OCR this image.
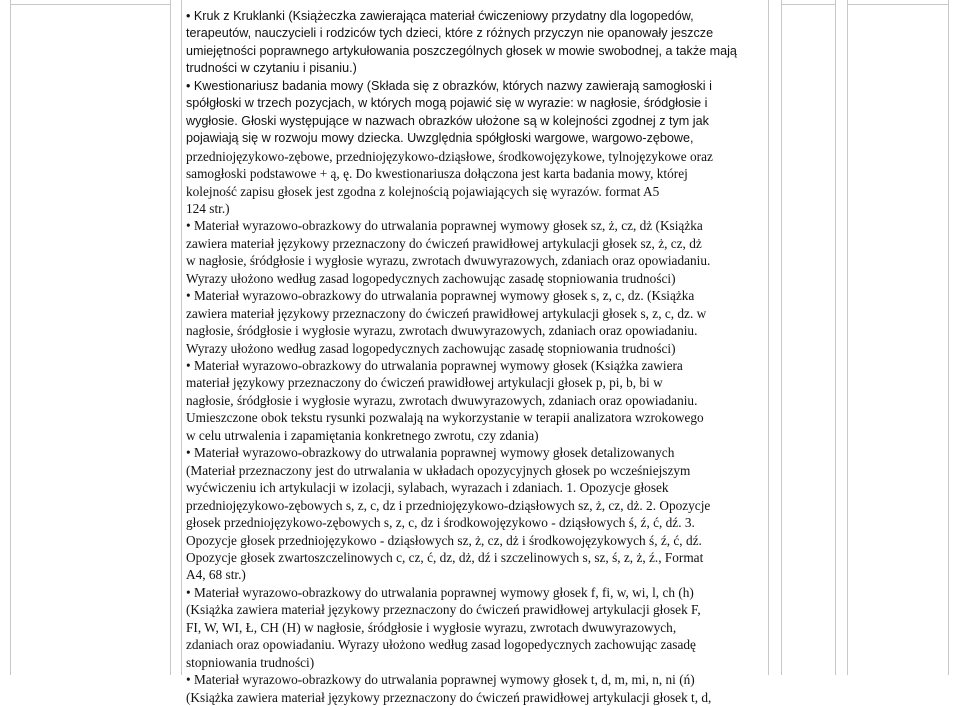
• Kruk z Kruklanki (Książeczka zawierająca materiał ćwiczeniowy przydatny dla logopedów,
terapeutów, nauczycieli i rodziców tych dzieci, które z różnych przyczyn nie opanowały jeszcze
umiejętności poprawnego artykułowania poszczególnych głosek w mowie swobodnej, a także mają
trudności w czytaniu i pisaniu.)
• Kwestionariusz badania mowy (Składa się z obrazków, których nazwy zawierają samogłoski i
spółgłoski w trzech pozycjach, w których mogą pojawić się w wyrazie: w nagłosie, śródgłosie i
wygłosie. Głoski występujące w nazwach obrazków ułożone są w kolejności zgodnej z tym jak
pojawiają się w rozwoju mowy dziecka. Uwzględnia spółgłoski wargowe, wargowo-zębowe,
przedniojęzykowo-zębowe, przedniojęzykowo-dziąsłowe, środkowojęzykowe, tylnojęzykowe oraz
samogłoski podstawowe + ą, ę. Do kwestionariusza dołączona jest karta badania mowy, której
kolejność zapisu głosek jest zgodna z kolejnością pojawiających się wyrazów. format A5
124 str.)
• Materiał wyrazowo-obrazkowy do utrwalania poprawnej wymowy głosek sz, ż, cz, dż (Książka
zawiera materiał językowy przeznaczony do ćwiczeń prawidłowej artykulacji głosek sz, ż, cz, dż
w nagłosie, śródgłosie i wygłosie wyrazu, zwrotach dwuwyrazowych, zdaniach oraz opowiadaniu.
Wyrazy ułożono według zasad logopedycznych zachowując zasadę stopniowania trudności)
• Materiał wyrazowo-obrazkowy do utrwalania poprawnej wymowy głosek s, z, c, dz. (Książka
zawiera materiał językowy przeznaczony do ćwiczeń prawidłowej artykulacji głosek s, z, c, dz. w
nagłosie, śródgłosie i wygłosie wyrazu, zwrotach dwuwyrazowych, zdaniach oraz opowiadaniu.
Wyrazy ułożono według zasad logopedycznych zachowując zasadę stopniowania trudności)
• Materiał wyrazowo-obrazkowy do utrwalania poprawnej wymowy głosek (Książka zawiera
materiał językowy przeznaczony do ćwiczeń prawidłowej artykulacji głosek p, pi, b, bi w
nagłosie, śródgłosie i wygłosie wyrazu, zwrotach dwuwyrazowych, zdaniach oraz opowiadaniu.
Umieszczone obok tekstu rysunki pozwalają na wykorzystanie w terapii analizatora wzrokowego
w celu utrwalenia i zapamiętania konkretnego zwrotu, czy zdania)
• Materiał wyrazowo-obrazkowy do utrwalania poprawnej wymowy głosek detalizowanych
(Materiał przeznaczony jest do utrwalania w układach opozycyjnych głosek po wcześniejszym
wyćwiczeniu ich artykulacji w izolacji, sylabach, wyrazach i zdaniach. 1. Opozycje głosek
przedniojęzykowo-zębowych s, z, c, dz i przedniojęzykowo-dziąsłowych sz, ż, cz, dż. 2. Opozycje
głosek przedniojęzykowo-zębowych s, z, c, dz i środkowojęzykowo - dziąsłowych ś, ź, ć, dź. 3.
Opozycje głosek przedniojęzykowo - dziąsłowych sz, ż, cz, dż i środkowojęzykowych ś, ź, ć, dź.
Opozycje głosek zwartoszczelinowych c, cz, ć, dz, dż, dź i szczelinowych s, sz, ś, z, ż, ź., Format
A4, 68 str.)
• Materiał wyrazowo-obrazkowy do utrwalania poprawnej wymowy głosek f, fi, w, wi, l, ch (h)
(Książka zawiera materiał językowy przeznaczony do ćwiczeń prawidłowej artykulacji głosek F,
FI, W, WI, Ł, CH (H) w nagłosie, śródgłosie i wygłosie wyrazu, zwrotach dwuwyrazowych,
zdaniach oraz opowiadaniu. Wyrazy ułożono według zasad logopedycznych zachowując zasadę
stopniowania trudności)
• Materiał wyrazowo-obrazkowy do utrwalania poprawnej wymowy głosek t, d, m, mi, n, ni (ń)
(Książka zawiera materiał językowy przeznaczony do ćwiczeń prawidłowej artykulacji głosek t, d,
